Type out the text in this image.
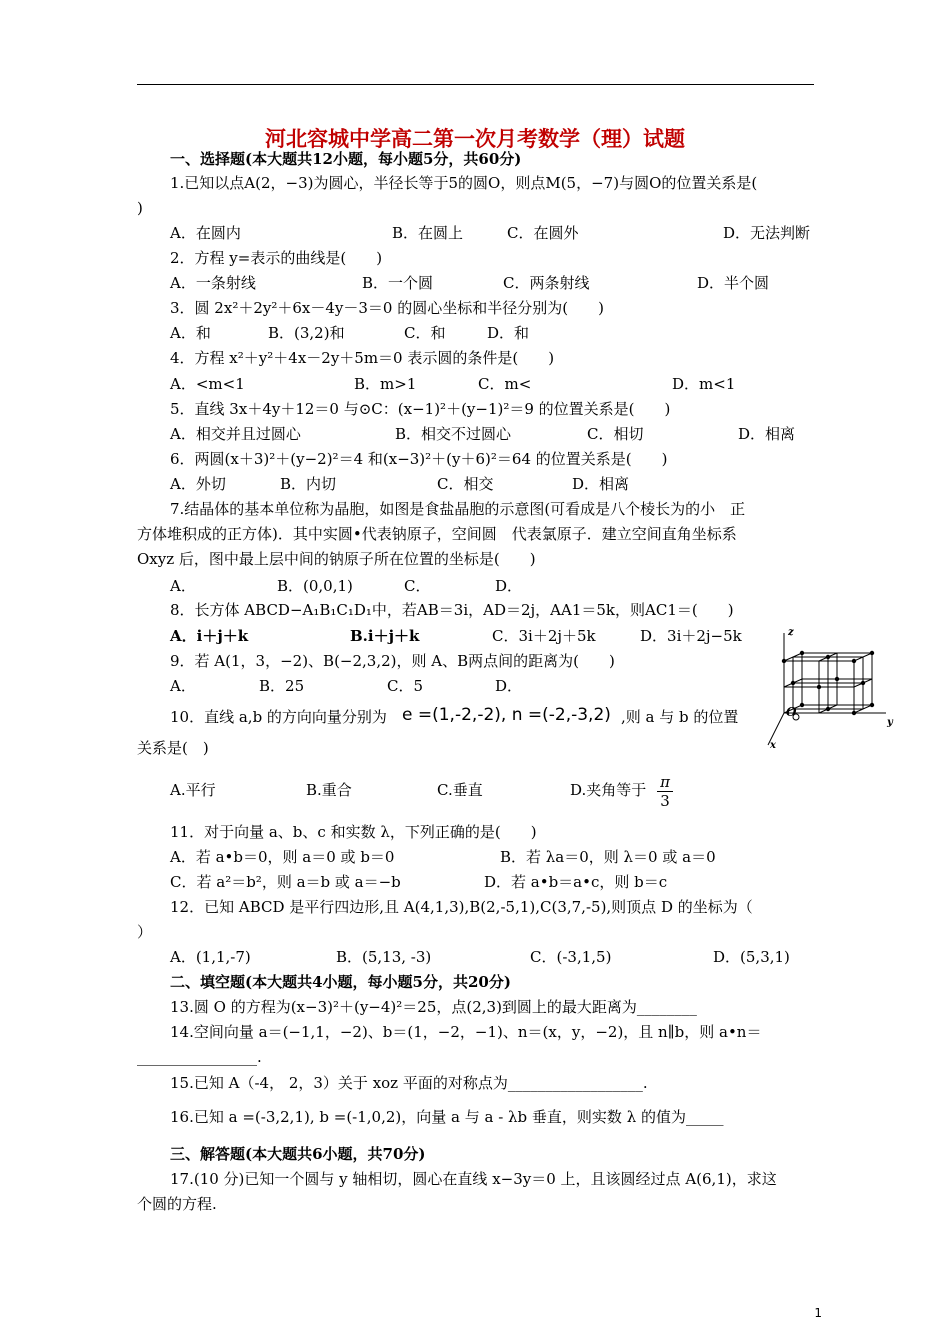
河北容城中学高二第一次月考数学（理）试题
一、选择题(本大题共12小题，每小题5分，共60分)
1.已知以点A(2，−3)为圆心，半径长等于5的圆O，则点M(5，−7)与圆O的位置关系是(
)
A．在圆内	B．在圆上	C．在圆外	D．无法判断
2．方程 y=表示的曲线是(　　)
A．一条射线	B．一个圆	C．两条射线	D．半个圆
3．圆 2x²＋2y²＋6x－4y－3＝0 的圆心坐标和半径分别为(　　)
A．和	B．(3,2)和	C．和	D．和
4．方程 x²＋y²＋4x－2y＋5m＝0 表示圆的条件是(　　)
A．<m<1	B．m>1	C．m<	D．m<1
5．直线 3x＋4y＋12＝0 与⊙C：(x−1)²＋(y−1)²＝9 的位置关系是(　　)
A．相交并且过圆心	B．相交不过圆心	C．相切	D．相离
6．两圆(x＋3)²＋(y−2)²＝4 和(x−3)²＋(y＋6)²＝64 的位置关系是(　　)
A．外切	B．内切	C．相交	D．相离
7.结晶体的基本单位称为晶胞，如图是食盐晶胞的示意图(可看成是八个棱长为的小　正
方体堆积成的正方体)．其中实圆•代表钠原子，空间圆　代表氯原子．建立空间直角坐标系
Oxyz 后，图中最上层中间的钠原子所在位置的坐标是(　　)
A．	B．(0,0,1)	C．	D．
8．长方体 ABCD−A₁B₁C₁D₁中，若AB＝3i，AD＝2j，AA1＝5k，则AC1＝(　　)
A．i＋j＋k	B.i＋j＋k	C．3i＋2j＋5k	D．3i＋2j−5k
9．若 A(1，3，−2)、B(−2,3,2)，则 A、B两点间的距离为(　　)
A．	B．25	C．5	D．
10．直线 a,b 的方向向量分别为 e =(1,-2,-2), n =(-2,-3,2) ,则 a 与 b 的位置
关系是(　)
A.平行	B.重合	C.垂直	D.夹角等于 $\frac{\pi}{3}$
11．对于向量 a、b、c 和实数 λ，下列正确的是(　　)
A．若 a•b＝0，则 a＝0 或 b＝0	B．若 λa＝0，则 λ＝0 或 a＝0
C．若 a²＝b²，则 a＝b 或 a＝−b	D．若 a•b＝a•c，则 b＝c
12．已知 ABCD 是平行四边形,且 A(4,1,3),B(2,-5,1),C(3,7,-5),则顶点 D 的坐标为（
）
A．(1,1,-7)	B．(5,13, -3)	C．(-3,1,5)	D．(5,3,1)
二、填空题(本大题共4小题，每小题5分，共20分)
13.圆 O 的方程为(x−3)²＋(y−4)²＝25，点(2,3)到圆上的最大距离为________
14.空间向量 a＝(−1,1，−2)、b＝(1，−2，−1)、n＝(x，y，−2)，且 n∥b，则 a•n＝
________________.
15.已知 A（-4， 2，3）关于 xoz 平面的对称点为__________________.
16.已知 a =(-3,2,1), b =(-1,0,2)，向量 a 与 a - λb 垂直，则实数 λ 的值为_____
三、解答题(本大题共6小题，共70分)
17.(10 分)已知一个圆与 y 轴相切，圆心在直线 x−3y＝0 上，且该圆经过点 A(6,1)，求这
个圆的方程.
1
z
y
x
O
